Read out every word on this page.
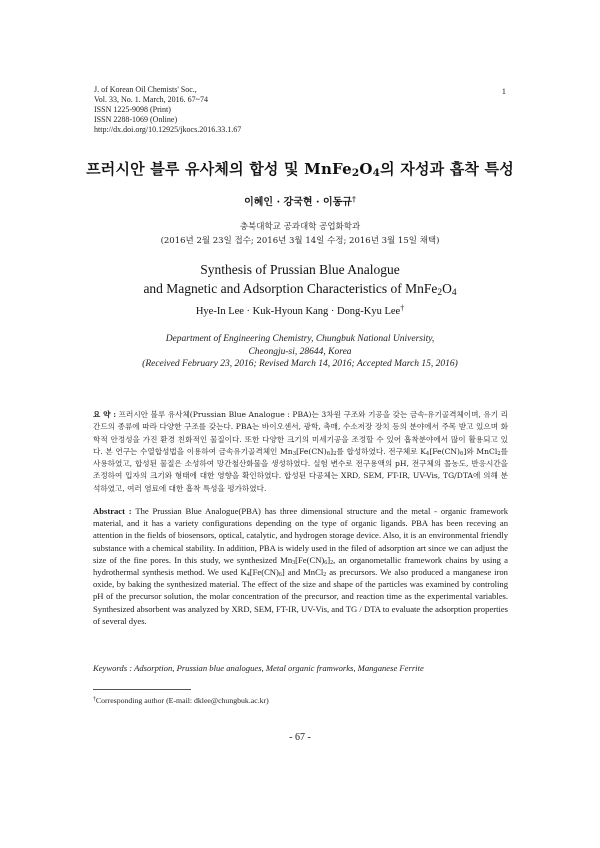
J. of Korean Oil Chemists' Soc.,
Vol. 33, No. 1. March, 2016. 67~74
ISSN 1225-9098 (Print)
ISSN 2288-1069 (Online)
http://dx.doi.org/10.12925/jkocs.2016.33.1.67
1
프러시안 블루 유사체의 합성 및 $MnFe_2O_4$의 자성과 흡착 특성
이혜인 · 강국현 · 이동규†
충북대학교 공과대학 공업화학과
(2016년 2월 23일 접수; 2016년 3월 14일 수정; 2016년 3월 15일 채택)
Synthesis of Prussian Blue Analogue
and Magnetic and Adsorption Characteristics of $MnFe_2O_4$
Hye-In Lee · Kuk-Hyoun Kang · Dong-Kyu Lee†
Department of Engineering Chemistry, Chungbuk National University,
Cheongju-si, 28644, Korea
(Received February 23, 2016; Revised March 14, 2016; Accepted March 15, 2016)
요 약 : 프러시안 블루 유사체(Prussian Blue Analogue : PBA)는 3차원 구조와 기공을 갖는 금속-유기골격체이며, 유기 리간드의 종류에 따라 다양한 구조를 갖는다. PBA는 바이오센서, 광학, 촉매, 수소저장 장치 등의 분야에서 주목 받고 있으며 화학적 안정성을 가진 환경 친화적인 물질이다. 또한 다양한 크기의 미세기공을 조정할 수 있어 흡착분야에서 많이 활용되고 있다. 본 연구는 수열합성법을 이용하여 금속유기골격체인 $Mn_3[Fe(CN)_6]_2$를 합성하였다. 전구체로 $K_4[Fe(CN)_6]$와 MnCl$_2$를 사용하였고, 합성된 물질은 소성하여 망간철산화물을 생성하였다. 실험 변수로 전구용액의 pH, 전구체의 몰농도, 반응시간을 조정하여 입자의 크기와 형태에 대한 영향을 확인하였다. 합성된 다공체는 XRD, SEM, FT-IR, UV-Vis, TG/DTA에 의해 분석하였고, 여러 염료에 대한 흡착 특성을 평가하였다.
Abstract : The Prussian Blue Analogue(PBA) has three dimensional structure and the metal - organic framework material, and it has a variety configurations depending on the type of organic ligands. PBA has been receving an attention in the fields of biosensors, optical, catalytic, and hydrogen storage device. Also, it is an environmental friendly substance with a chemical stability. In addition, PBA is widely used in the filed of adsorption art since we can adjust the size of the fine pores. In this study, we synthesized $Mn_3[Fe(CN)_6]_2$, an organometallic framework chains by using a hydrothermal synthesis method. We used $K_4[Fe(CN)_6]$ and MnCl$_2$ as precursors. We also produced a manganese iron oxide, by baking the synthesized material. The effect of the size and shape of the particles was examined by controling pH of the precursor solution, the molar concentration of the precursor, and reaction time as the experimental variables. Synthesized absorbent was analyzed by XRD, SEM, FT-IR, UV-Vis, and TG / DTA to evaluate the adsorption properties of several dyes.
Keywords : Adsorption, Prussian blue analogues, Metal organic framworks, Manganese Ferrite
†Corresponding author (E-mail: dklee@chungbuk.ac.kr)
- 67 -
